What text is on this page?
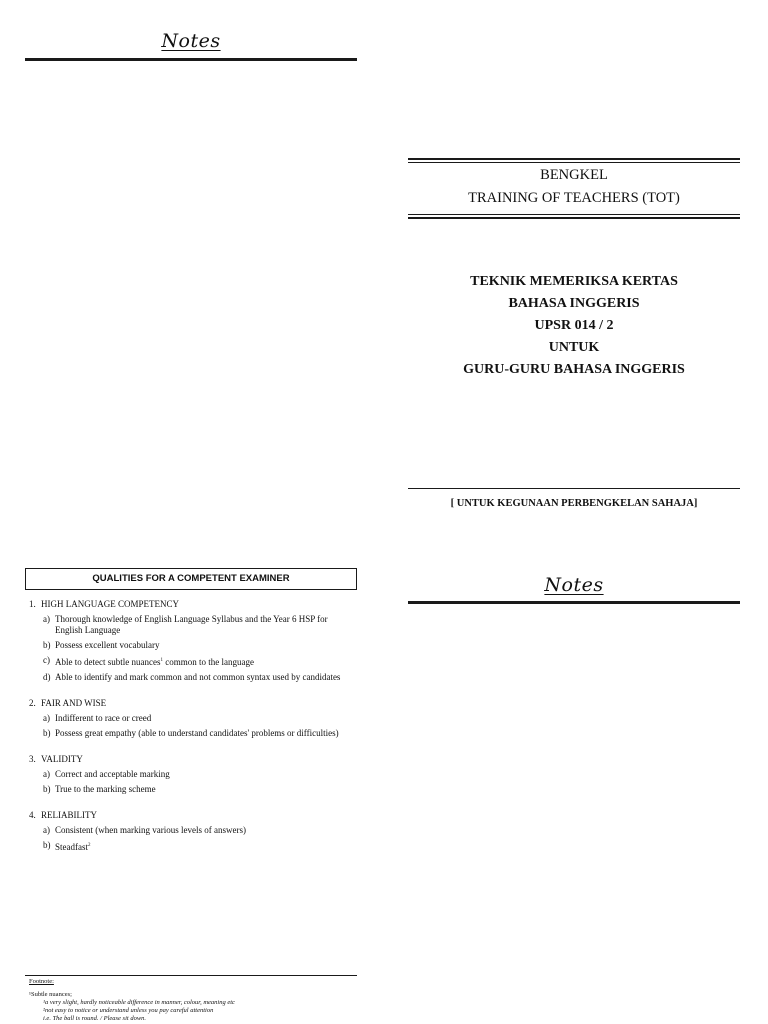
Notes
BENGKEL
TRAINING OF TEACHERS (TOT)
TEKNIK MEMERIKSA KERTAS
BAHASA INGGERIS
UPSR 014 / 2
UNTUK
GURU-GURU BAHASA INGGERIS
[ UNTUK KEGUNAAN PERBENGKELAN SAHAJA]
Notes
QUALITIES FOR A COMPETENT EXAMINER
1. HIGH LANGUAGE COMPETENCY
a) Thorough knowledge of English Language Syllabus and the Year 6 HSP for English Language
b) Possess excellent vocabulary
c) Able to detect subtle nuances$^1$ common to the language
d) Able to identify and mark common and not common syntax used by candidates
2. FAIR AND WISE
a) Indifferent to race or creed
b) Possess great empathy (able to understand candidates' problems or difficulties)
3. VALIDITY
a) Correct and acceptable marking
b) True to the marking scheme
4. RELIABILITY
a) Consistent (when marking various levels of answers)
b) Steadfast$^2$
Footnote:
¹Subtle nuances;
¹a very slight, hardly noticeable difference in manner, colour, meaning etc
²not easy to notice or understand unless you pay careful attention
i.e. The ball is round. / Please sit down.
